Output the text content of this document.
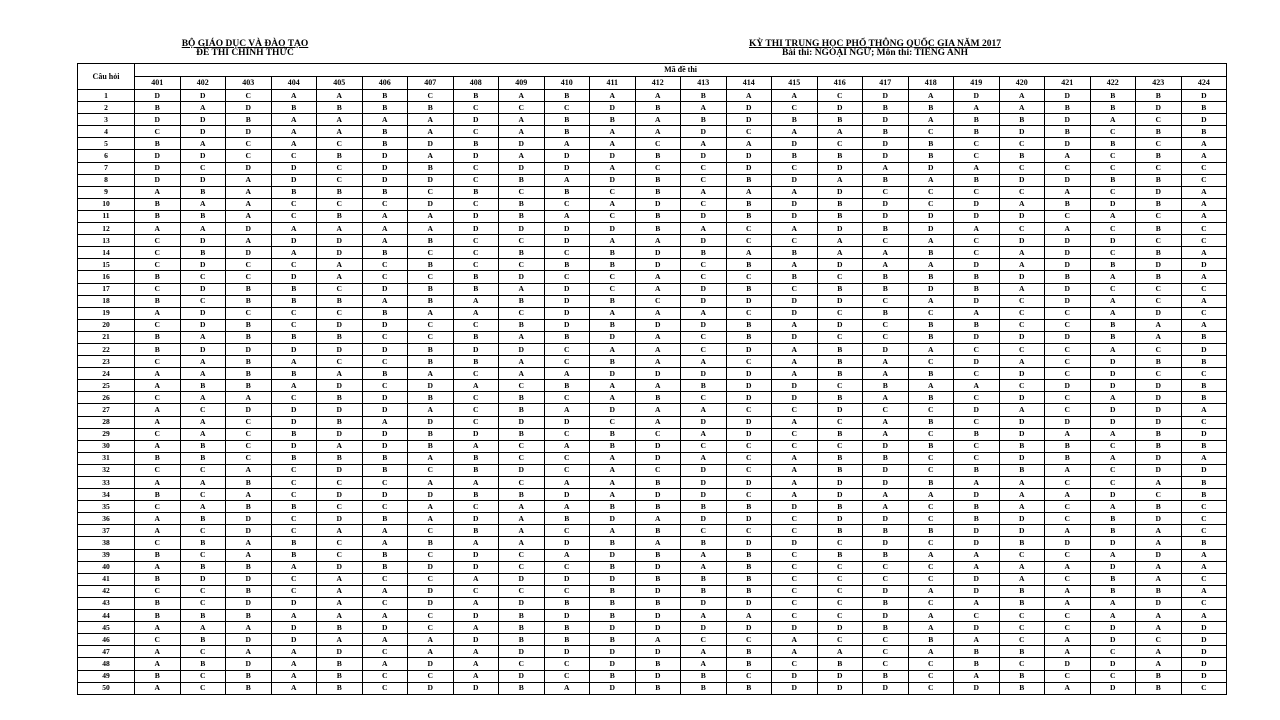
BỘ GIÁO DỤC VÀ ĐÀO TẠO
ĐỀ THI CHÍNH THỨC
KỲ THI TRUNG HỌC PHỔ THÔNG QUỐC GIA NĂM 2017
Bài thi: NGOẠI NGỮ; Môn thi: TIẾNG ANH
Câu hỏi	Mã đề thi																							
	401	402	403	404	405	406	407	408	409	410	411	412	413	414	415	416	417	418	419	420	421	422	423	424
1	D	D	C	A	A	B	C	B	A	B	A	A	B	A	A	C	D	A	D	A	D	B	B	D
2	B	A	D	B	B	B	B	C	C	C	D	B	A	D	C	D	B	B	A	A	B	B	D	B
3	D	D	B	A	A	A	A	D	A	B	B	A	B	D	B	B	D	A	B	B	D	A	C	D
4	C	D	D	A	A	B	A	C	A	B	A	A	D	C	A	A	B	C	B	D	B	C	B	B
5	B	A	C	A	C	B	D	B	D	A	A	C	A	A	D	C	D	B	C	C	D	B	C	A
6	D	D	C	C	B	D	A	D	A	D	D	B	D	D	B	B	D	B	C	B	A	C	B	A
7	D	C	D	D	C	D	B	C	D	D	A	C	C	D	C	D	A	D	A	C	C	C	C	C
8	D	D	A	D	C	D	D	C	B	A	D	B	C	B	D	A	B	A	B	D	D	B	B	C
9	A	B	A	B	B	B	C	B	C	B	C	B	A	A	A	D	C	C	C	C	A	C	D	A
10	B	A	A	C	C	C	D	C	B	C	A	D	C	B	D	B	D	C	D	A	B	D	B	A
11	B	B	A	C	B	A	A	D	B	A	C	B	D	B	D	B	D	D	D	D	C	A	C	A
12	A	A	D	A	A	A	A	D	D	D	D	B	A	C	A	D	B	D	A	C	A	C	B	C
13	C	D	A	D	D	A	B	C	C	D	A	A	D	C	C	A	C	A	C	D	D	D	C	C
14	C	B	D	A	D	B	C	C	B	C	B	D	B	A	B	A	A	B	C	A	D	C	B	A
15	C	D	C	C	A	C	B	C	C	B	B	D	C	B	A	D	A	A	D	A	D	B	D	D
16	B	C	C	D	A	C	C	B	D	C	C	A	C	C	B	C	B	B	B	D	B	A	B	A
17	C	D	B	B	C	D	B	B	A	D	C	A	D	B	C	B	B	D	B	A	D	C	C	C
18	B	C	B	B	B	A	B	A	B	D	B	C	D	D	D	D	C	A	D	C	D	A	C	A
19	A	D	C	C	C	B	A	A	C	D	A	A	A	C	D	C	B	C	A	C	C	A	D	C
20	C	D	B	C	D	D	C	C	B	D	B	D	D	B	A	D	C	B	B	C	C	B	A	A
21	B	A	B	B	B	C	C	B	A	B	D	A	C	B	D	C	C	B	D	D	D	B	A	B
22	B	D	D	D	D	D	B	D	D	C	A	A	C	D	A	B	D	A	C	C	C	A	C	D
23	C	A	B	A	C	C	B	B	A	C	B	A	A	C	A	B	A	C	D	A	C	D	B	B
24	A	A	B	B	A	B	A	C	A	A	D	D	D	D	A	B	A	B	C	D	C	D	C	C
25	A	B	B	A	D	C	D	A	C	B	A	A	B	D	D	C	B	A	A	C	D	D	D	B
26	C	A	A	C	B	D	B	C	B	C	A	B	C	D	D	B	A	B	C	D	C	A	D	B
27	A	C	D	D	D	D	A	C	B	A	D	A	A	C	C	D	C	C	D	A	C	D	D	A
28	A	A	C	D	B	A	D	C	D	D	C	A	D	D	A	C	A	B	C	D	D	D	D	C
29	C	A	C	B	D	D	B	D	B	C	B	C	A	D	C	B	A	C	B	D	A	A	B	D
30	A	B	C	D	A	D	B	A	C	A	B	D	C	C	C	C	D	B	C	B	B	C	B	B
31	B	B	C	B	B	B	A	B	C	C	A	D	A	C	A	B	B	C	C	D	B	A	D	A
32	C	C	A	C	D	B	C	B	D	C	A	C	D	C	A	B	D	C	B	B	A	C	D	D
33	A	A	B	C	C	C	A	A	C	A	A	B	D	D	A	D	D	B	A	A	C	C	A	B
34	B	C	A	C	D	D	D	B	B	D	A	D	D	C	A	D	A	A	D	A	A	D	C	B
35	C	A	B	B	C	C	A	C	A	A	B	B	B	B	D	B	A	C	B	A	C	A	B	C
36	A	B	D	C	D	B	A	D	A	B	D	A	D	D	C	D	D	C	B	D	C	B	D	C
37	A	C	D	C	A	A	C	B	A	C	A	B	C	C	C	B	B	B	D	D	A	B	A	C
38	C	B	A	B	C	A	B	A	A	D	B	A	B	D	D	C	D	C	D	B	D	D	A	B
39	B	C	A	B	C	B	C	D	C	A	D	B	A	B	C	B	B	A	A	C	C	A	D	A
40	A	B	B	A	D	B	D	D	C	C	B	D	A	B	C	C	C	C	A	A	A	D	A	A
41	B	D	D	C	A	C	C	A	D	D	D	B	B	B	C	C	C	C	D	A	C	B	A	C
42	C	C	B	C	A	A	D	C	C	C	B	D	B	B	C	C	D	A	D	B	A	B	B	A
43	B	C	D	D	A	C	D	A	D	B	B	B	D	D	C	C	B	C	A	B	A	A	D	C
44	B	B	B	A	A	A	C	D	B	D	B	D	A	A	C	C	D	A	C	C	C	A	A	A
45	A	A	A	D	B	D	C	A	B	B	D	D	D	D	D	D	B	A	D	C	C	D	A	D
46	C	B	D	D	A	A	A	D	B	B	B	A	C	C	A	C	C	B	A	C	A	D	C	D
47	A	C	A	A	D	C	A	A	D	D	D	D	A	B	A	A	C	A	B	B	A	C	A	D
48	A	B	D	A	B	A	D	A	C	C	D	B	A	B	C	B	C	C	B	C	D	D	A	D
49	B	C	B	A	B	C	C	A	D	C	B	D	B	C	D	D	B	C	A	B	C	C	B	D
50	A	C	B	A	B	C	D	D	B	A	D	B	B	B	D	D	D	C	D	B	A	D	B	C
